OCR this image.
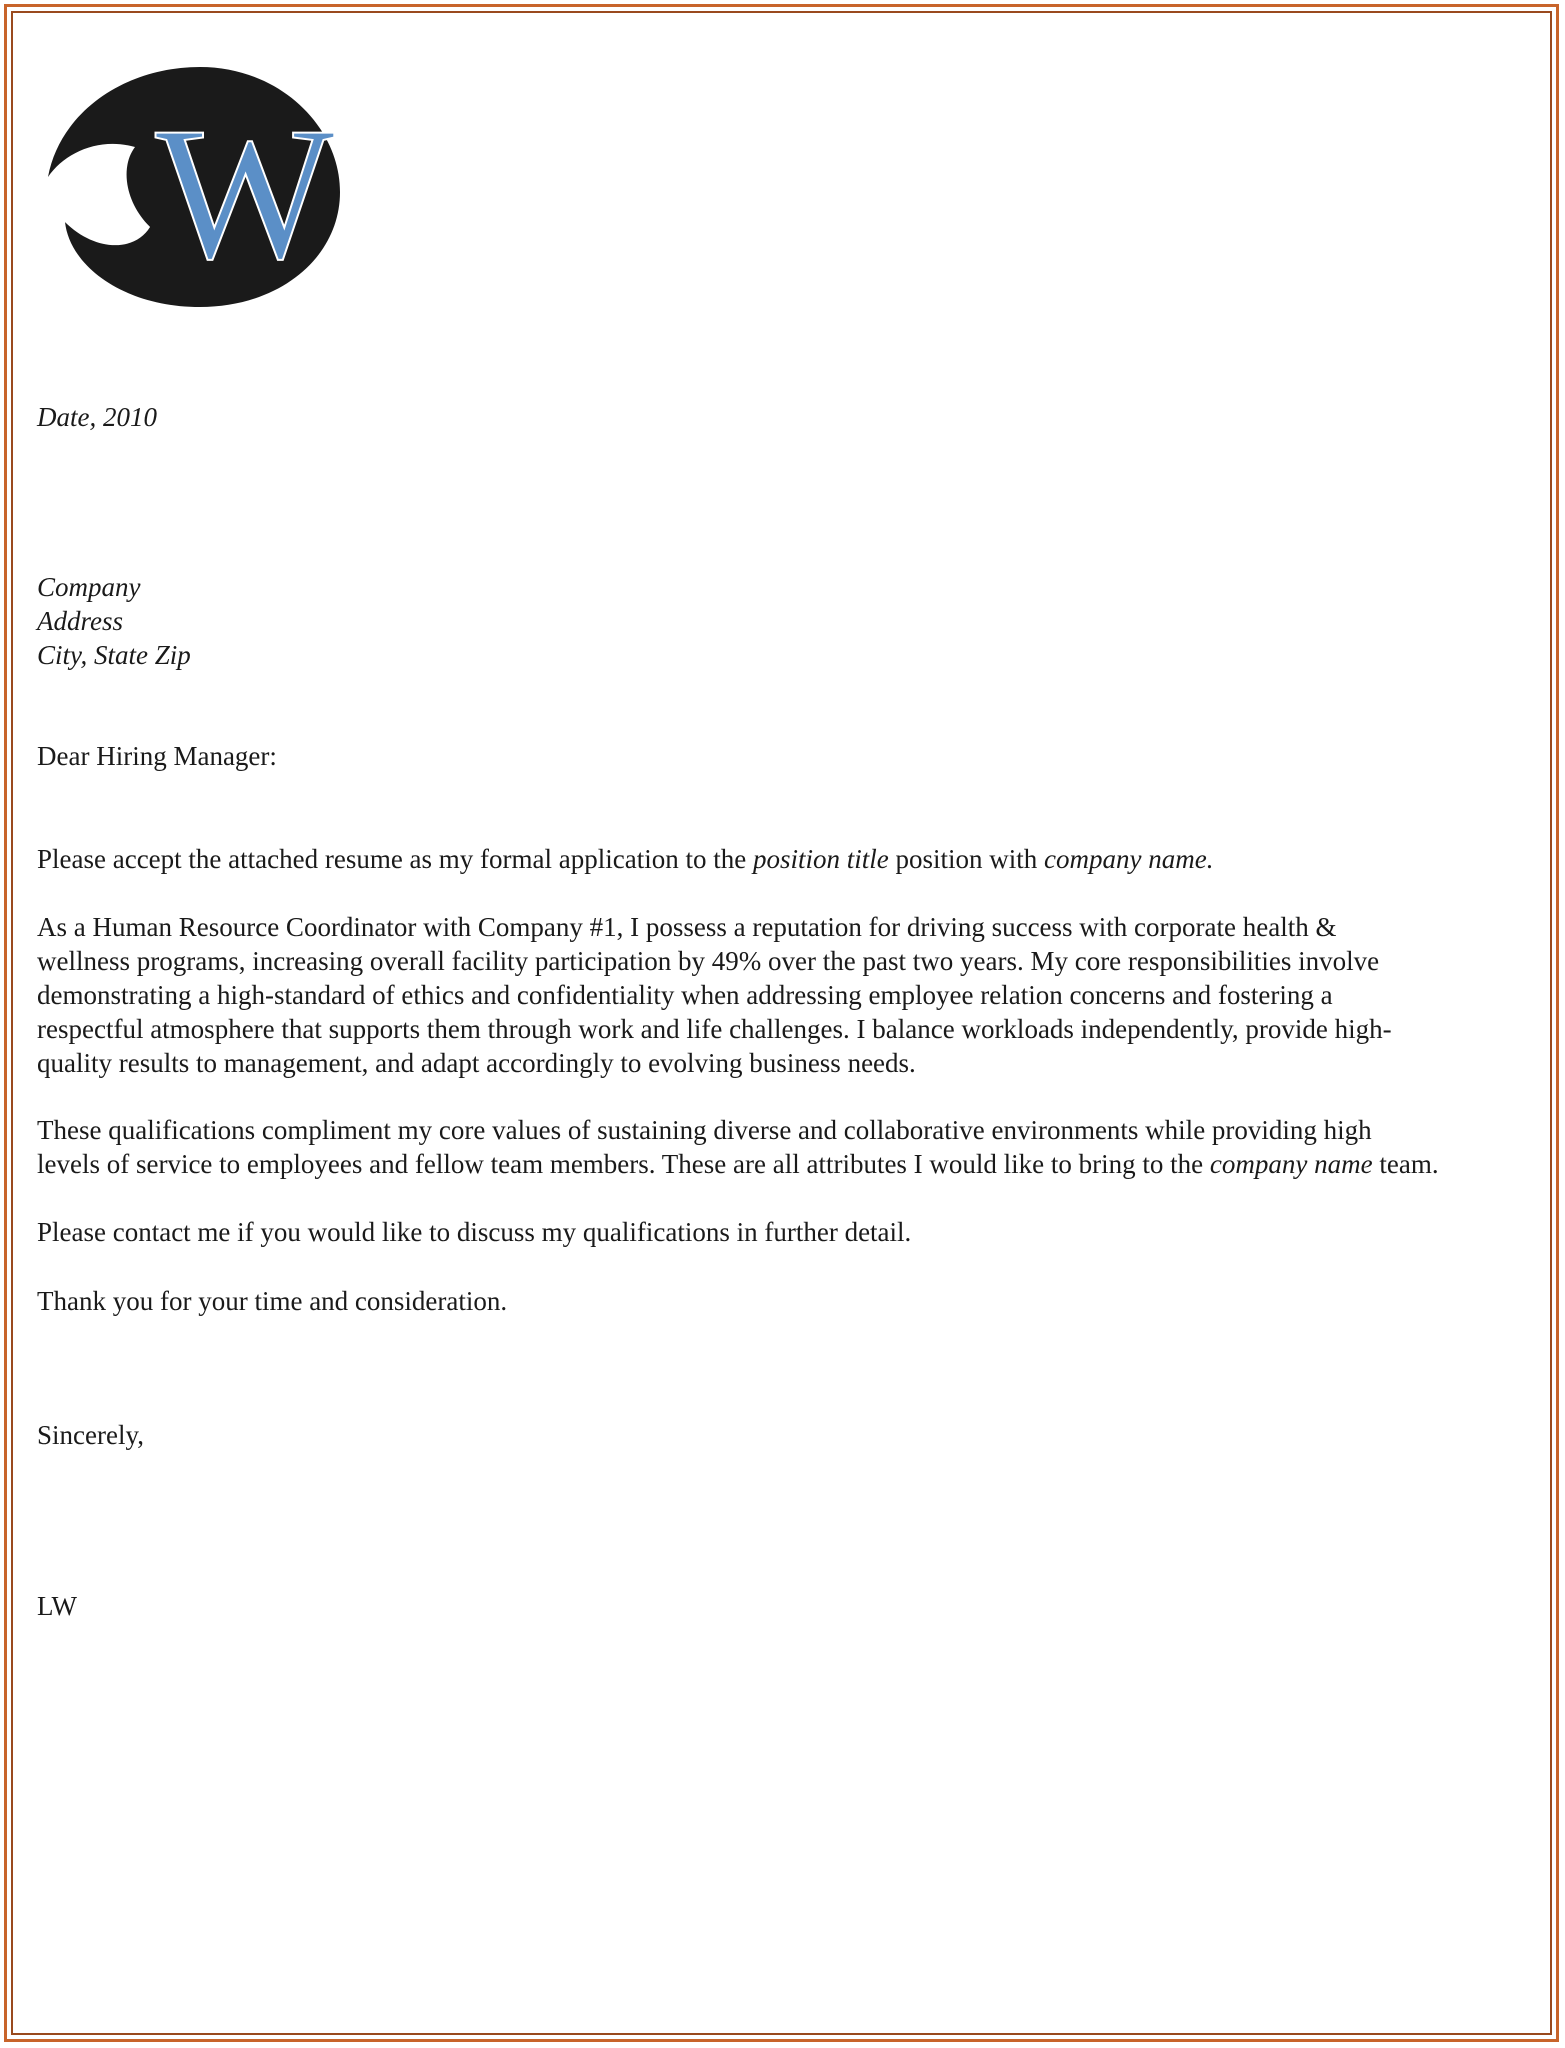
W
Date, 2010
Company
Address
City, State Zip
Dear Hiring Manager:
Please accept the attached resume as my formal application to the position title position with company name.
As a Human Resource Coordinator with Company #1, I possess a reputation for driving success with corporate health &
wellness programs, increasing overall facility participation by 49% over the past two years. My core responsibilities involve
demonstrating a high-standard of ethics and confidentiality when addressing employee relation concerns and fostering a
respectful atmosphere that supports them through work and life challenges. I balance workloads independently, provide high-
quality results to management, and adapt accordingly to evolving business needs.
These qualifications compliment my core values of sustaining diverse and collaborative environments while providing high
levels of service to employees and fellow team members. These are all attributes I would like to bring to the company name team.
Please contact me if you would like to discuss my qualifications in further detail.
Thank you for your time and consideration.
Sincerely,
LW
